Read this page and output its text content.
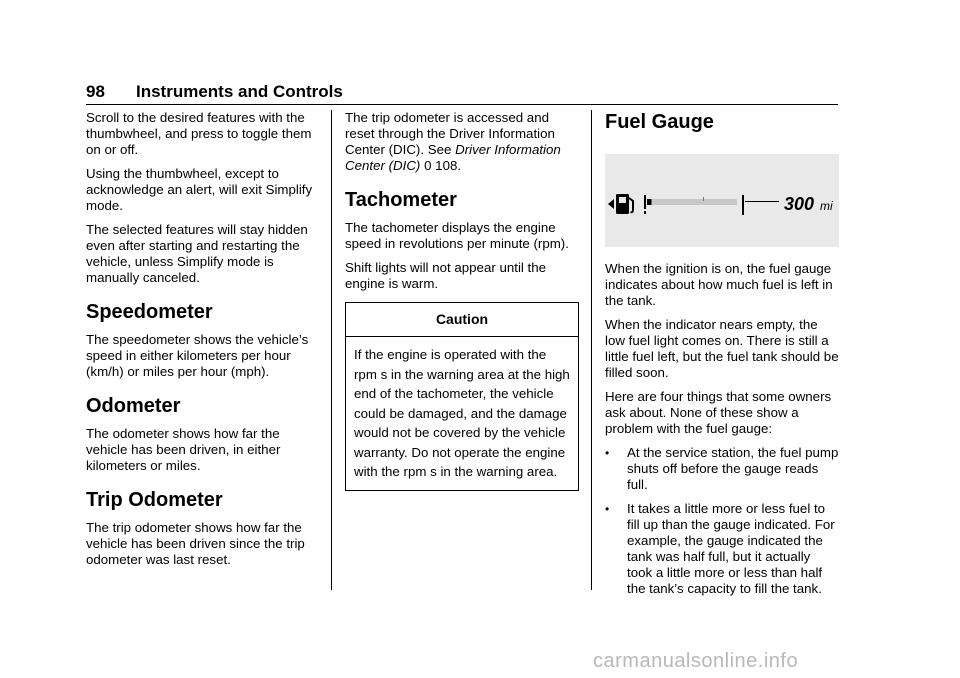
98 Instruments and Controls

Scroll to the desired features with the thumbwheel, and press to toggle them on or off.

Using the thumbwheel, except to acknowledge an alert, will exit Simplify mode.

The selected features will stay hidden even after starting and restarting the vehicle, unless Simplify mode is manually canceled.

Speedometer

The speedometer shows the vehicle’s speed in either kilometers per hour (km/h) or miles per hour (mph).

Odometer

The odometer shows how far the vehicle has been driven, in either kilometers or miles.

Trip Odometer

The trip odometer shows how far the vehicle has been driven since the trip odometer was last reset.

The trip odometer is accessed and reset through the Driver Information Center (DIC). See Driver Information Center (DIC) 0 108.

Tachometer

The tachometer displays the engine speed in revolutions per minute (rpm).

Shift lights will not appear until the engine is warm.

Caution
If the engine is operated with the rpm s in the warning area at the high end of the tachometer, the vehicle could be damaged, and the damage would not be covered by the vehicle warranty. Do not operate the engine with the rpm s in the warning area.
Fuel Gauge
300 mi

When the ignition is on, the fuel gauge indicates about how much fuel is left in the tank.

When the indicator nears empty, the low fuel light comes on. There is still a little fuel left, but the fuel tank should be filled soon.

Here are four things that some owners ask about. None of these show a problem with the fuel gauge:

• At the service station, the fuel pump shuts off before the gauge reads full.
• It takes a little more or less fuel to fill up than the gauge indicated. For example, the gauge indicated the tank was half full, but it actually took a little more or less than half the tank’s capacity to fill the tank.
carmanualsonline.info
